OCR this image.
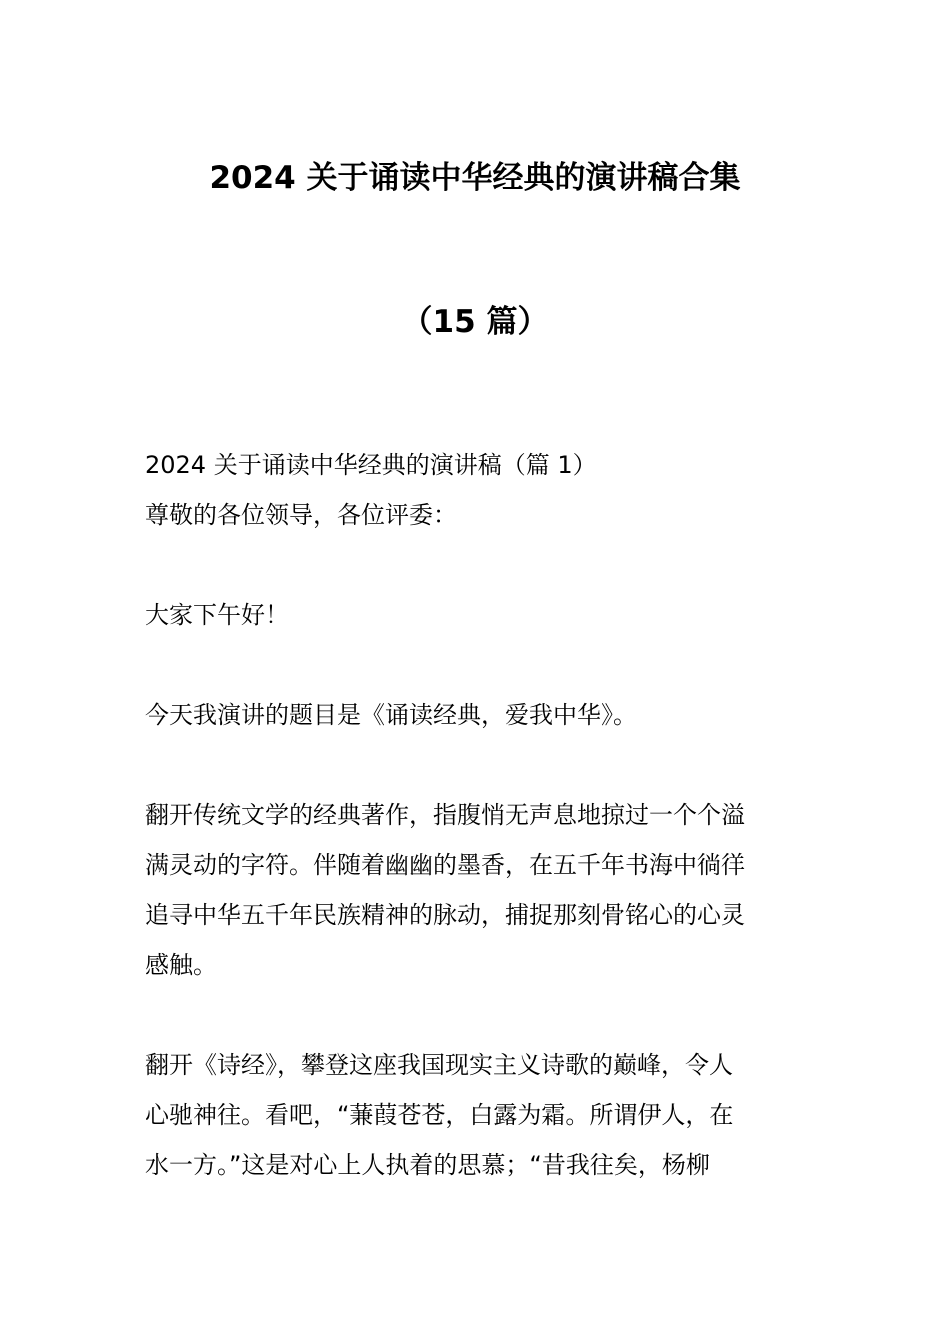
2024 关于诵读中华经典的演讲稿合集
（15 篇）

2024 关于诵读中华经典的演讲稿（篇 1）

尊敬的各位领导，各位评委：

大家下午好！

今天我演讲的题目是《诵读经典，爱我中华》。

翻开传统文学的经典著作，指腹悄无声息地掠过一个个溢

满灵动的字符。伴随着幽幽的墨香，在五千年书海中徜徉

追寻中华五千年民族精神的脉动，捕捉那刻骨铭心的心灵

感触。

翻开《诗经》，攀登这座我国现实主义诗歌的巅峰，令人

心驰神往。看吧，“蒹葭苍苍，白露为霜。所谓伊人，在

水一方。”这是对心上人执着的思慕；“昔我往矣，杨柳
